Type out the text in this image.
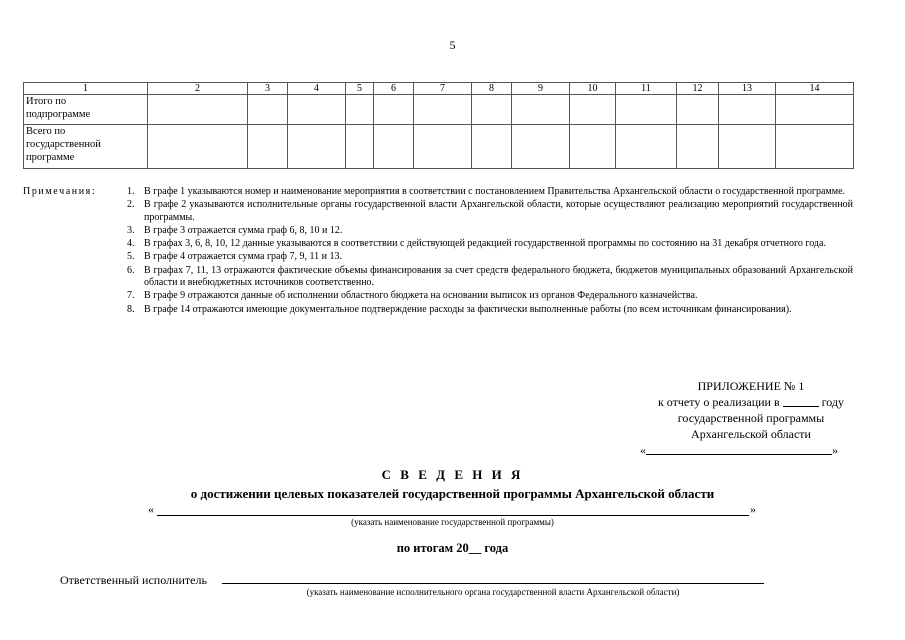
5
1	2	3	4	5	6	7	8	9	10	11	12	13	14

Итого по
подпрограмме													

Всего по
государственной
программе													

Примечания:	1. В графе 1 указываются номер и наименование мероприятия в соответствии с постановлением Правительства Архангельской области о государственной программе.
2. В графе 2 указываются исполнительные органы государственной власти Архангельской области, которые осуществляют реализацию мероприятий государственной программы.
3. В графе 3 отражается сумма граф 6, 8, 10 и 12.
4. В графах 3, 6, 8, 10, 12 данные указываются в соответствии с действующей редакцией государственной программы по состоянию на 31 декабря отчетного года.
5. В графе 4 отражается сумма граф 7, 9, 11 и 13.
6. В графах 7, 11, 13 отражаются фактические объемы финансирования за счет средств федерального бюджета, бюджетов муниципальных образований Архангельской области и внебюджетных источников соответственно.
7. В графе 9 отражаются данные об исполнении областного бюджета на основании выписок из органов Федерального казначейства.
8. В графе 14 отражаются имеющие документальное подтверждение расходы за фактически выполненные работы (по всем источникам финансирования).
ПРИЛОЖЕНИЕ № 1
к отчету о реализации в	году
государственной программы
Архангельской области
«	»
С В Е Д Е Н И Я
о достижении целевых показателей государственной программы Архангельской области
«	»
(указать наименование государственной программы)
по итогам 20__ года
Ответственный исполнитель
(указать наименование исполнительного органа государственной власти Архангельской области)
